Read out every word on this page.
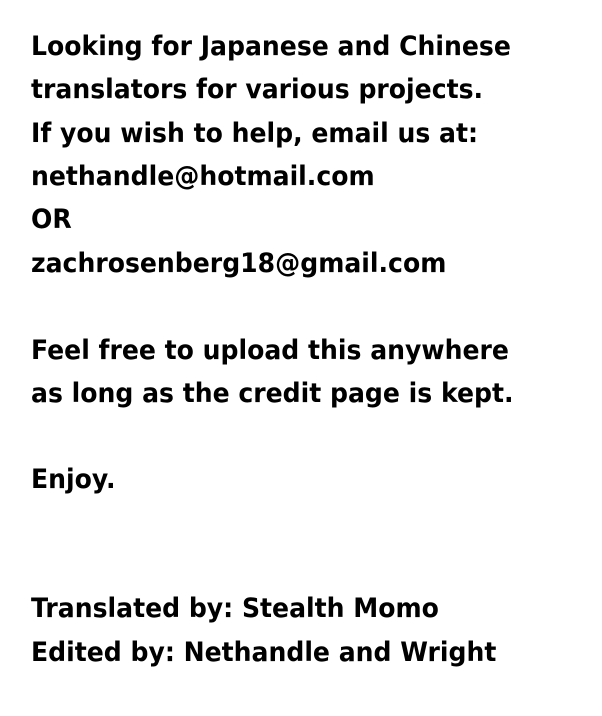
Looking for Japanese and Chinese

translators for various projects.

If you wish to help, email us at:

nethandle@hotmail.com

OR

zachrosenberg18@gmail.com

Feel free to upload this anywhere

as long as the credit page is kept.

Enjoy.

Translated by: Stealth Momo

Edited by: Nethandle and Wright
